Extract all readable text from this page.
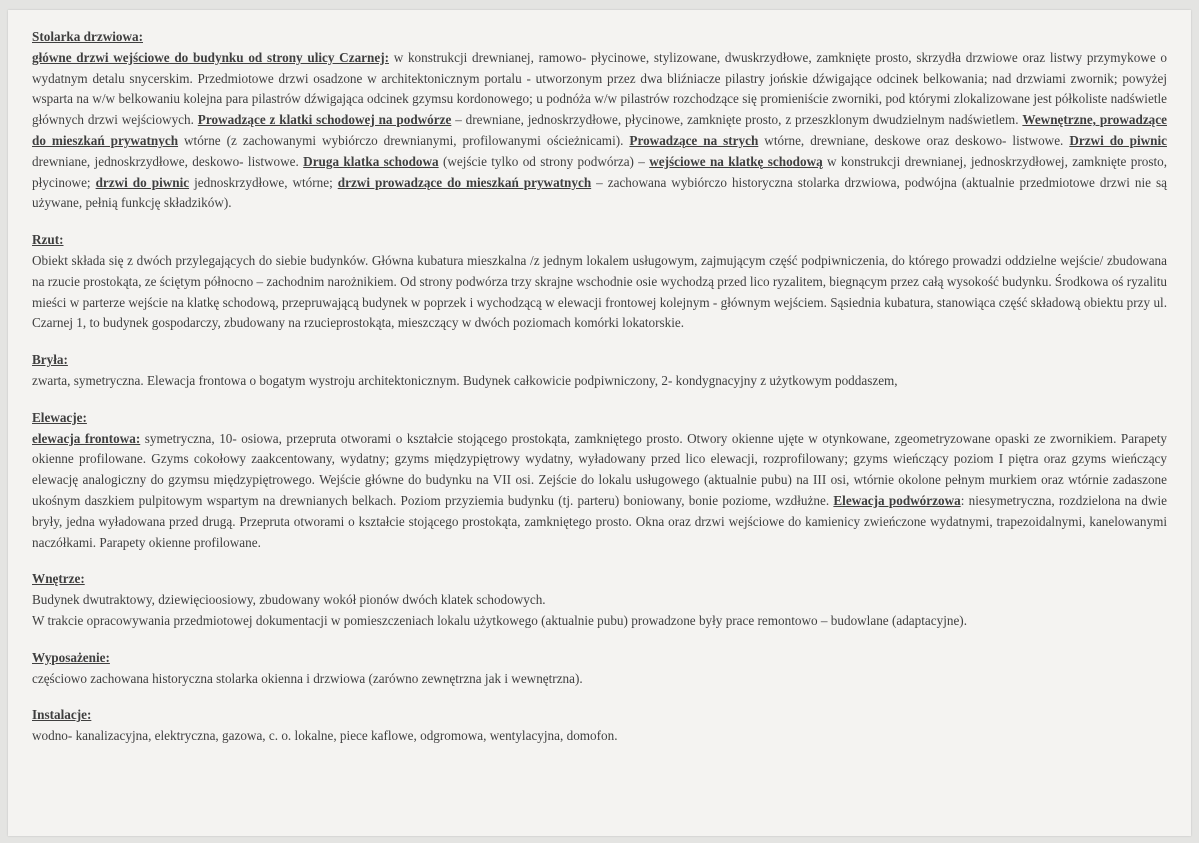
Stolarka drzwiowa:
główne drzwi wejściowe do budynku od strony ulicy Czarnej: w konstrukcji drewnianej, ramowo- płycinowe, stylizowane, dwuskrzydłowe, zamknięte prosto, skrzydła drzwiowe oraz listwy przymykowe o wydatnym detalu snycerskim. Przedmiotowe drzwi osadzone w architektonicznym portalu - utworzonym przez dwa bliźniacze pilastry jońskie dźwigające odcinek belkowania; nad drzwiami zwornik; powyżej wsparta na w/w belkowaniu kolejna para pilastrów dźwigająca odcinek gzymsu kordonowego; u podnóża w/w pilastrów rozchodzące się promieniście zworniki, pod którymi zlokalizowane jest półkoliste nadświetle głównych drzwi wejściowych. Prowadzące z klatki schodowej na podwórze – drewniane, jednoskrzydłowe, płycinowe, zamknięte prosto, z przeszklonym dwudzielnym nadświetlem. Wewnętrzne, prowadzące do mieszkań prywatnych wtórne (z zachowanymi wybiórczo drewnianymi, profilowanymi ościeżnicami). Prowadzące na strych wtórne, drewniane, deskowe oraz deskowo- listwowe. Drzwi do piwnic drewniane, jednoskrzydłowe, deskowo- listwowe. Druga klatka schodowa (wejście tylko od strony podwórza) – wejściowe na klatkę schodową w konstrukcji drewnianej, jednoskrzydłowej, zamknięte prosto, płycinowe; drzwi do piwnic jednoskrzydłowe, wtórne; drzwi prowadzące do mieszkań prywatnych – zachowana wybiórczo historyczna stolarka drzwiowa, podwójna (aktualnie przedmiotowe drzwi nie są używane, pełnią funkcję składzików).
Rzut:
Obiekt składa się z dwóch przylegających do siebie budynków. Główna kubatura mieszkalna /z jednym lokalem usługowym, zajmującym część podpiwniczenia, do którego prowadzi oddzielne wejście/ zbudowana na rzucie prostokąta, ze ściętym północno – zachodnim narożnikiem. Od strony podwórza trzy skrajne wschodnie osie wychodzą przed lico ryzalitem, biegnącym przez całą wysokość budynku. Środkowa oś ryzalitu mieści w parterze wejście na klatkę schodową, przepruwającą budynek w poprzek i wychodzącą w elewacji frontowej kolejnym - głównym wejściem. Sąsiednia kubatura, stanowiąca część składową obiektu przy ul. Czarnej 1, to budynek gospodarczy, zbudowany na rzucieprostokąta, mieszczący w dwóch poziomach komórki lokatorskie.
Bryła:
zwarta, symetryczna. Elewacja frontowa o bogatym wystroju architektonicznym. Budynek całkowicie podpiwniczony, 2- kondygnacyjny z użytkowym poddaszem,
Elewacje:
elewacja frontowa: symetryczna, 10- osiowa, przepruta otworami o kształcie stojącego prostokąta, zamkniętego prosto. Otwory okienne ujęte w otynkowane, zgeometryzowane opaski ze zwornikiem. Parapety okienne profilowane. Gzyms cokołowy zaakcentowany, wydatny; gzyms międzypiętrowy wydatny, wyładowany przed lico elewacji, rozprofilowany; gzyms wieńczący poziom I piętra oraz gzyms wieńczący elewację analogiczny do gzymsu międzypiętrowego. Wejście główne do budynku na VII osi. Zejście do lokalu usługowego (aktualnie pubu) na III osi, wtórnie okolone pełnym murkiem oraz wtórnie zadaszone ukośnym daszkiem pulpitowym wspartym na drewnianych belkach. Poziom przyziemia budynku (tj. parteru) boniowany, bonie poziome, wzdłużne. Elewacja podwórzowa: niesymetryczna, rozdzielona na dwie bryły, jedna wyładowana przed drugą. Przepruta otworami o kształcie stojącego prostokąta, zamkniętego prosto. Okna oraz drzwi wejściowe do kamienicy zwieńczone wydatnymi, trapezoidalnymi, kanelowanymi naczółkami. Parapety okienne profilowane.
Wnętrze:
Budynek dwutraktowy, dziewięcioosiowy, zbudowany wokół pionów dwóch klatek schodowych.
W trakcie opracowywania przedmiotowej dokumentacji w pomieszczeniach lokalu użytkowego (aktualnie pubu) prowadzone były prace remontowo – budowlane (adaptacyjne).
Wyposażenie:
częściowo zachowana historyczna stolarka okienna i drzwiowa (zarówno zewnętrzna jak i wewnętrzna).
Instalacje:
wodno- kanalizacyjna, elektryczna, gazowa, c. o. lokalne, piece kaflowe, odgromowa, wentylacyjna, domofon.
